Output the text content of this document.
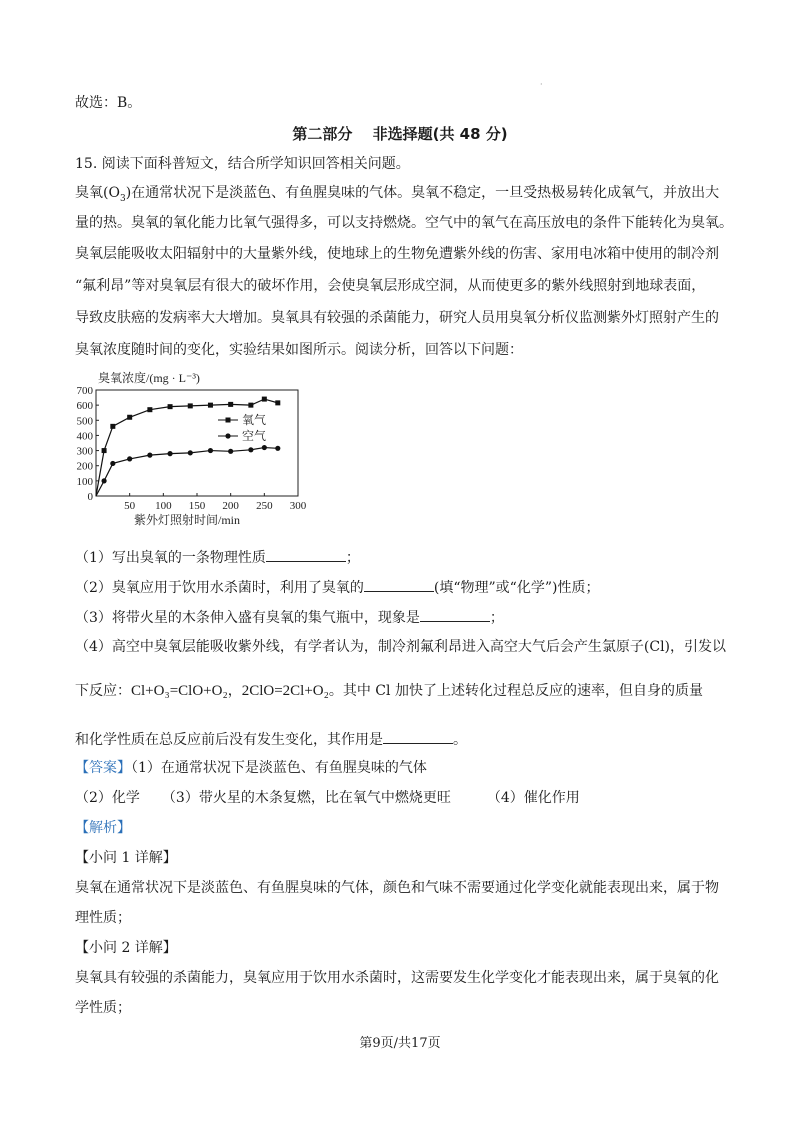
·
故选：B。
第二部分　 非选择题(共 48 分)
15. 阅读下面科普短文，结合所学知识回答相关问题。
臭氧$(O_3)$在通常状况下是淡蓝色、有鱼腥臭味的气体。臭氧不稳定，一旦受热极易转化成氧气，并放出大
量的热。臭氧的氧化能力比氧气强得多，可以支持燃烧。空气中的氧气在高压放电的条件下能转化为臭氧。
臭氧层能吸收太阳辐射中的大量紫外线，使地球上的生物免遭紫外线的伤害、家用电冰箱中使用的制冷剂
“氟利昂”等对臭氧层有很大的破坏作用，会使臭氧层形成空洞，从而使更多的紫外线照射到地球表面，
导致皮肤癌的发病率大大增加。臭氧具有较强的杀菌能力，研究人员用臭氧分析仪监测紫外灯照射产生的
臭氧浓度随时间的变化，实验结果如图所示。阅读分析，回答以下问题：
臭氧浓度/(mg · L⁻³)
0
100
200
300
400
500
600
700
50 100 150 200 250 300
紫外灯照射时间/min
氧气
空气
（1）写出臭氧的一条物理性质	；
（2）臭氧应用于饮用水杀菌时，利用了臭氧的	(填“物理”或“化学”)性质；
（3）将带火星的木条伸入盛有臭氧的集气瓶中，现象是	；
（4）高空中臭氧层能吸收紫外线，有学者认为，制冷剂氟利昂进入高空大气后会产生氯原子(Cl)，引发以
下反应：Cl+O₃=ClO+O₂，2ClO=2Cl+O₂。其中 Cl 加快了上述转化过程总反应的速率，但自身的质量
和化学性质在总反应前后没有发生变化，其作用是	。
【答案】（1）在通常状况下是淡蓝色、有鱼腥臭味的气体
（2）化学 （3）带火星的木条复燃，比在氧气中燃烧更旺	（4）催化作用
【解析】
【小问 1 详解】
臭氧在通常状况下是淡蓝色、有鱼腥臭味的气体，颜色和气味不需要通过化学变化就能表现出来，属于物
理性质；
【小问 2 详解】
臭氧具有较强的杀菌能力，臭氧应用于饮用水杀菌时，这需要发生化学变化才能表现出来，属于臭氧的化
学性质；
第9页/共17页
